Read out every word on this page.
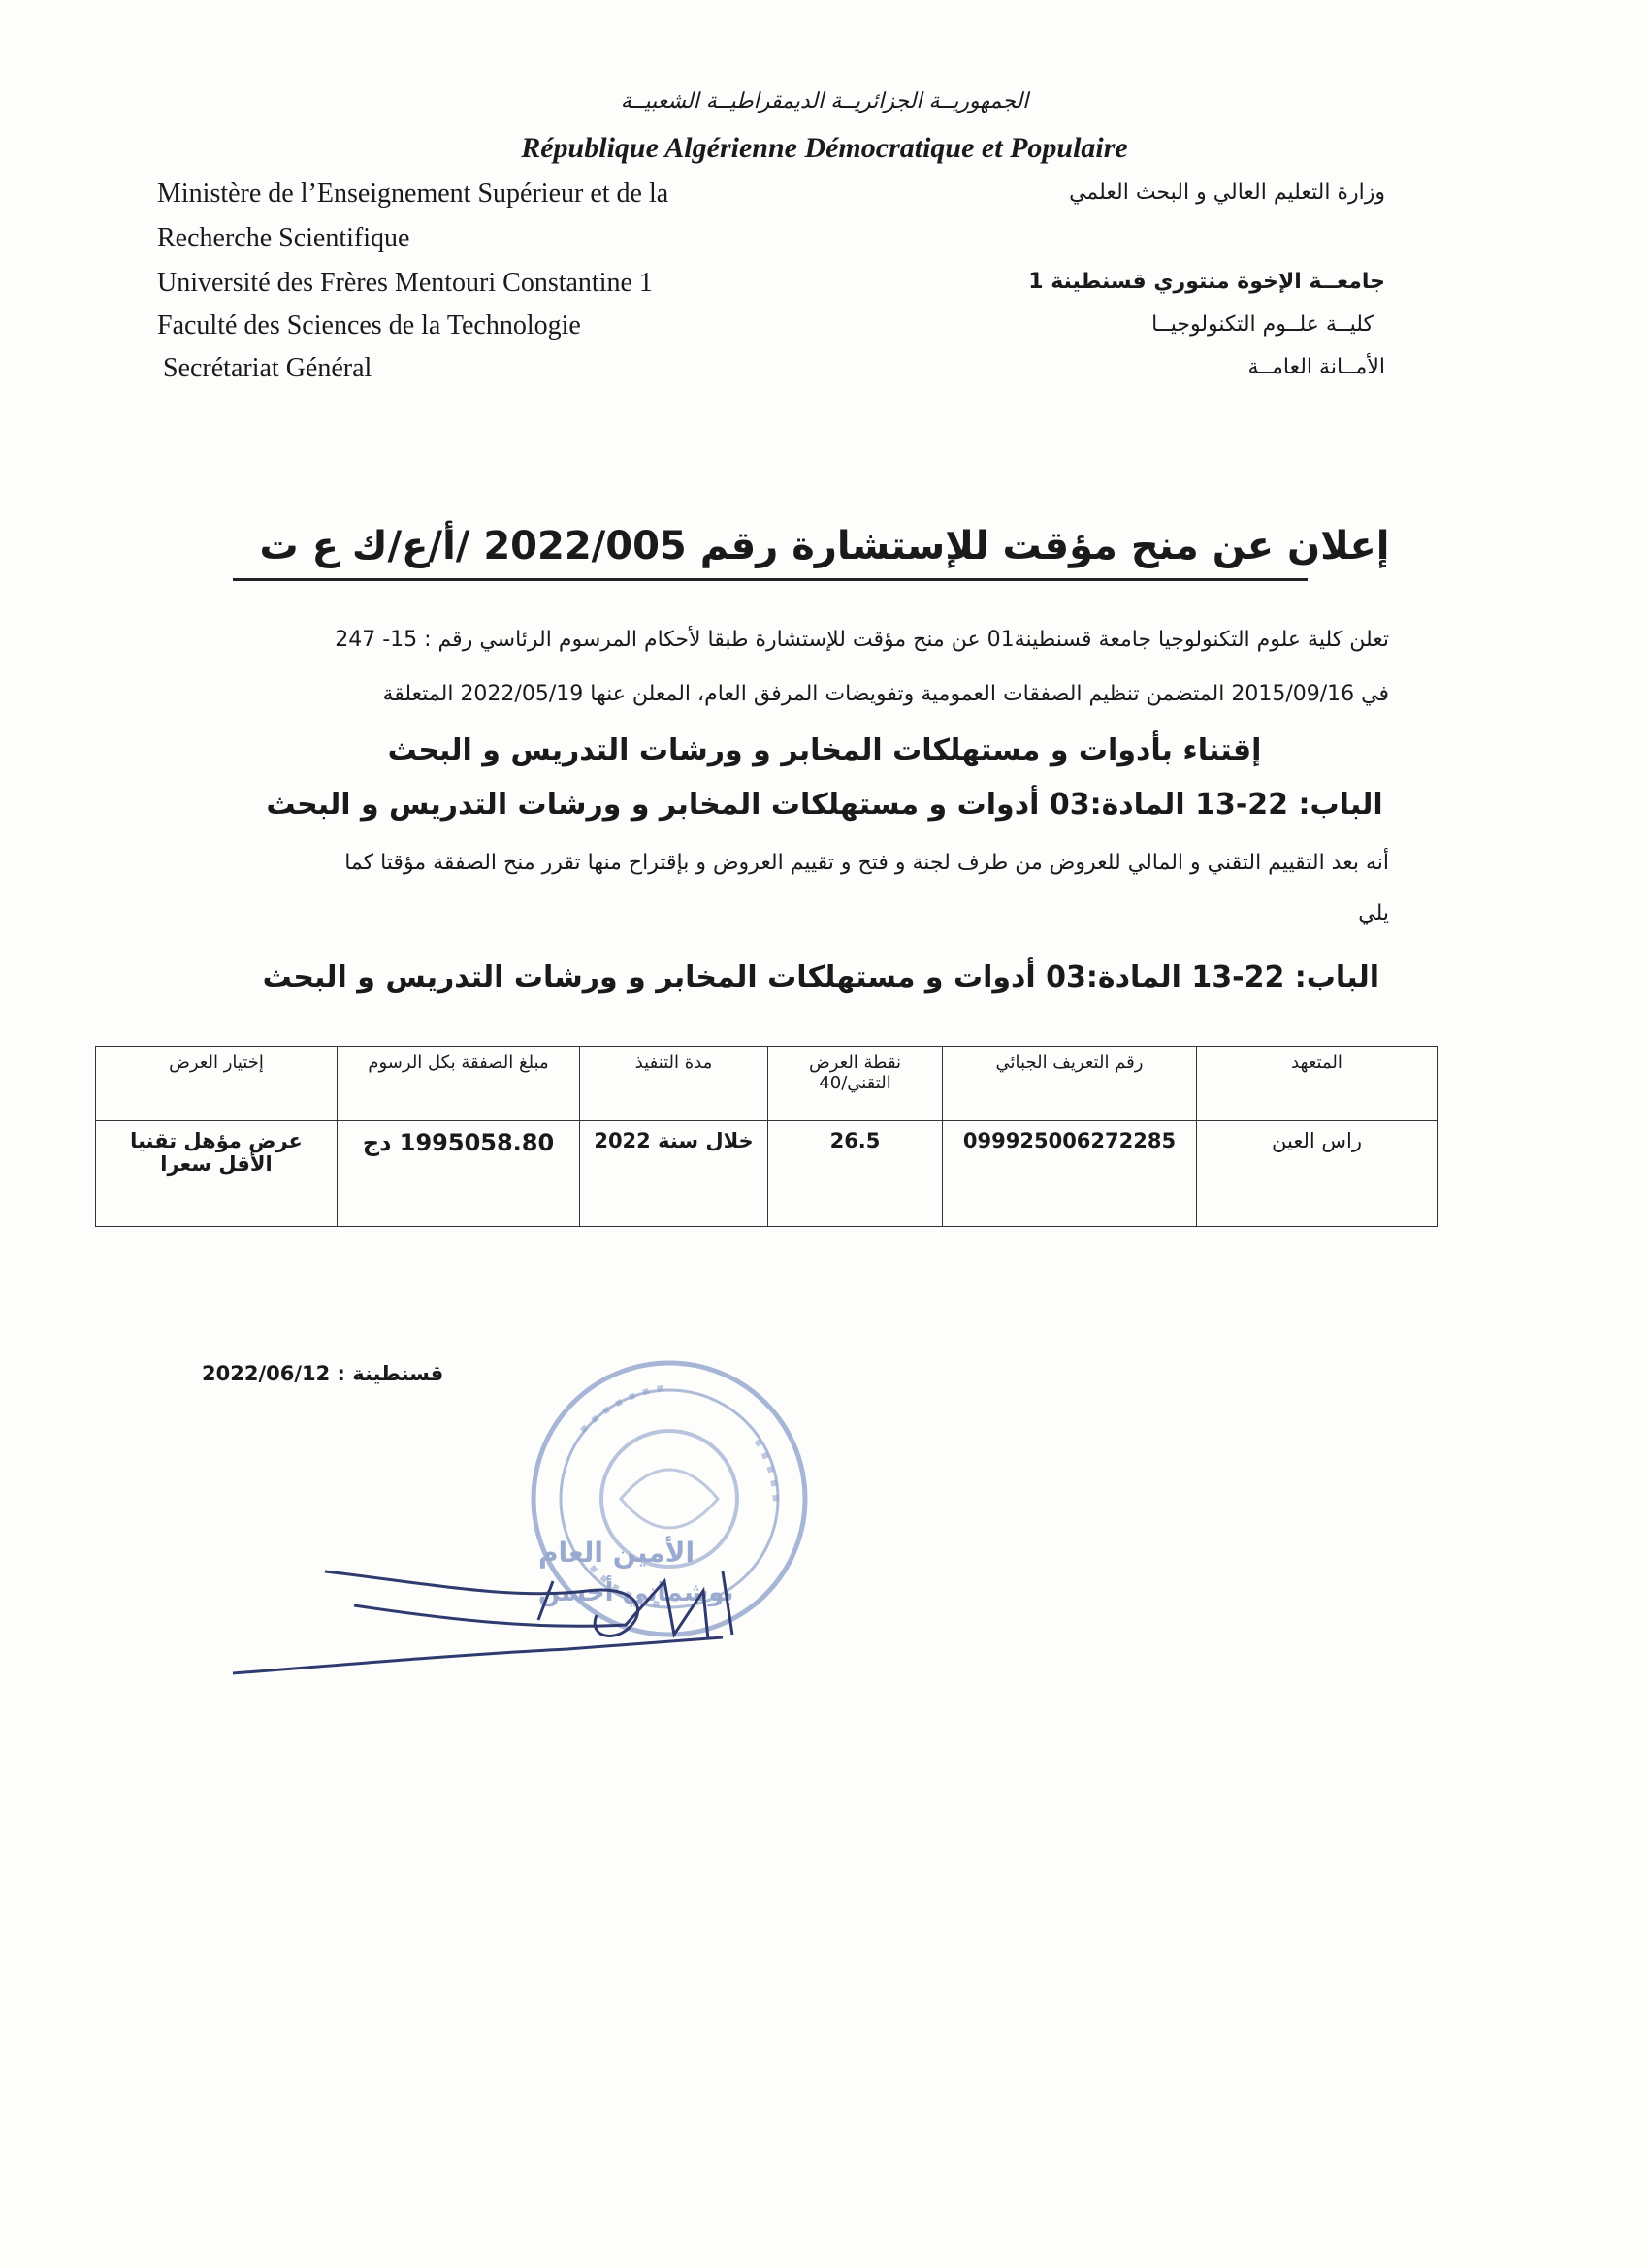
الجمهوريــة الجزائريــة الديمقراطيــة الشعبيــة
République Algérienne Démocratique et Populaire
Ministère de l’Enseignement Supérieur et de la
Recherche Scientifique
Université des Frères Mentouri Constantine 1
Faculté des Sciences de la Technologie
Secrétariat Général
وزارة التعليم العالي و البحث العلمي
جامعــة الإخوة منتوري قسنطينة 1
كليــة علــوم التكنولوجيــا
الأمــانة العامــة
إعلان عن منح مؤقت للإستشارة رقم 2022/005 /أ/ع/ك ع ت
تعلن كلية علوم التكنولوجيا جامعة قسنطينة01 عن منح مؤقت للإستشارة طبقا لأحكام المرسوم الرئاسي رقم : 15- 247
في 2015/09/16 المتضمن تنظيم الصفقات العمومية وتفويضات المرفق العام، المعلن عنها 2022/05/19 المتعلقة
إقتناء بأدوات و مستهلكات المخابر و ورشات التدريس و البحث
الباب: 22-13 المادة:03 أدوات و مستهلكات المخابر و ورشات التدريس و البحث
أنه بعد التقييم التقني و المالي للعروض من طرف لجنة و فتح و تقييم العروض و بإقتراح منها تقرر منح الصفقة مؤقتا كما
يلي
الباب: 22-13 المادة:03 أدوات و مستهلكات المخابر و ورشات التدريس و البحث
المتعهد	رقم التعريف الجبائي	نقطة العرض التقني/40	مدة التنفيذ	مبلغ الصفقة بكل الرسوم	إختيار العرض
راس العين	099925006272285	26.5	خلال سنة 2022	1995058.80 دج	عرض مؤهل تقنيا الأقل سعرا
قسنطينة : 2022/06/12
الأمين العام
بوشماني أحسن
